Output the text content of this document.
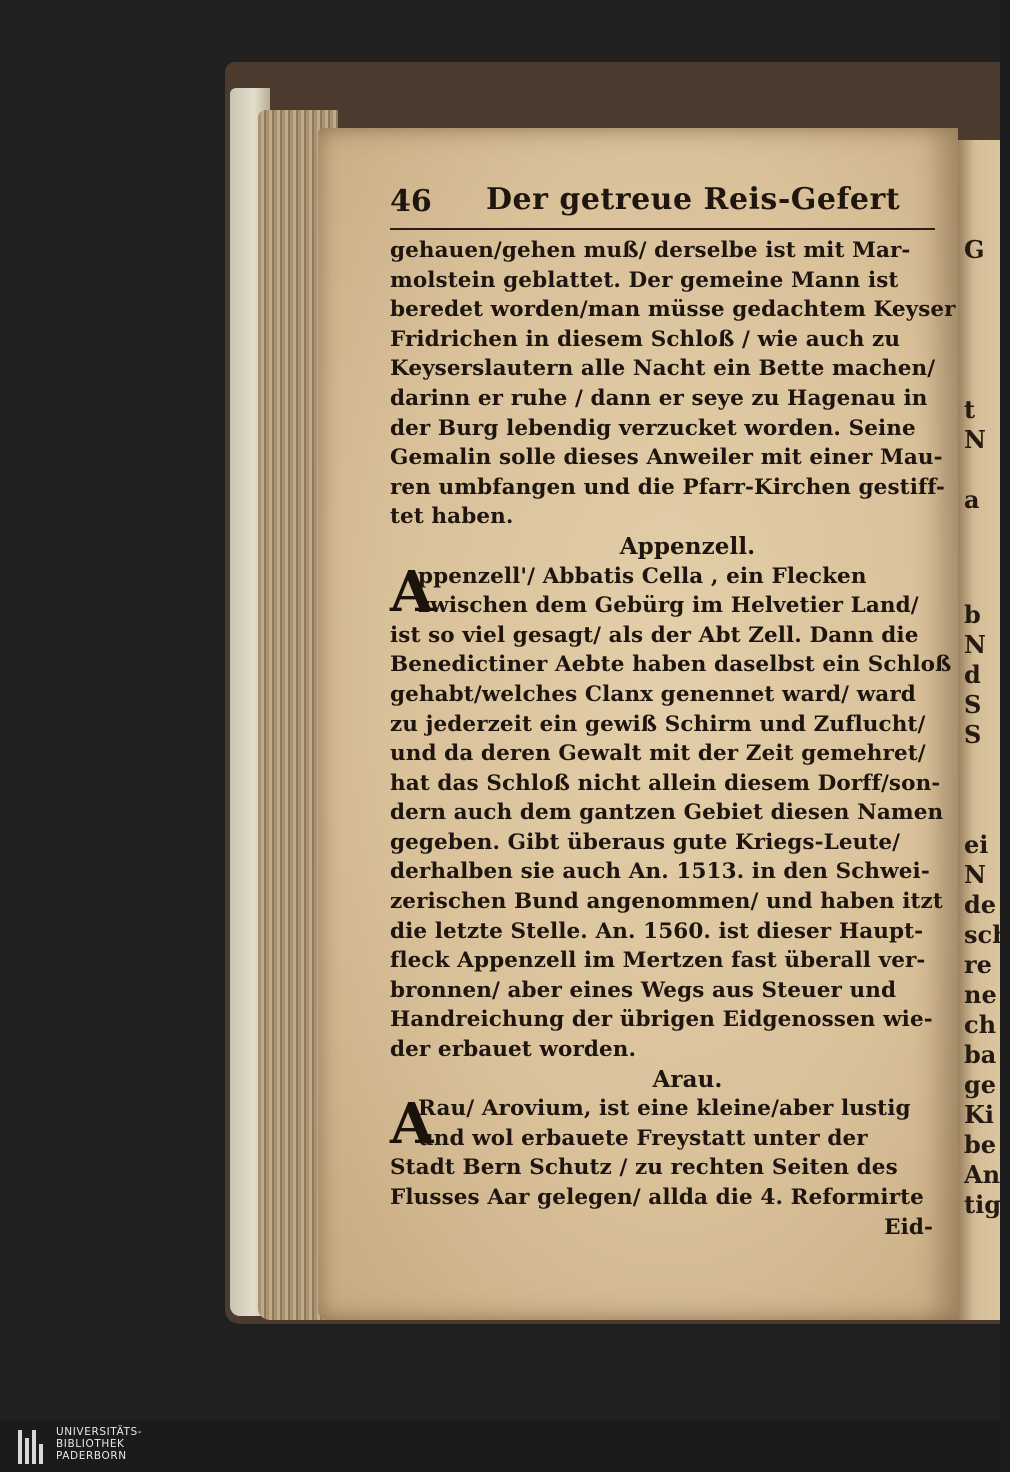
G
t
N
a
b
N
d
S
S
ei
N
de
sch
re
ne
ch
ba
ge
Ki
be
An
tig
46 Der getreue Reis-Gefert
gehauen/gehen muß/ derselbe ist mit Mar-
molstein geblattet. Der gemeine Mann ist
beredet worden/man müsse gedachtem Keyser
Fridrichen in diesem Schloß / wie auch zu
Keyserslautern alle Nacht ein Bette machen/
darinn er ruhe / dann er seye zu Hagenau in
der Burg lebendig verzucket worden. Seine
Gemalin solle dieses Anweiler mit einer Mau-
ren umbfangen und die Pfarr-Kirchen gestiff-
tet haben.
Appenzell.
A
ppenzell'/ Abbatis Cella , ein Flecken
zwischen dem Gebürg im Helvetier Land/
ist so viel gesagt/ als der Abt Zell. Dann die
Benedictiner Aebte haben daselbst ein Schloß
gehabt/welches Clanx genennet ward/ ward
zu jederzeit ein gewiß Schirm und Zuflucht/
und da deren Gewalt mit der Zeit gemehret/
hat das Schloß nicht allein diesem Dorff/son-
dern auch dem gantzen Gebiet diesen Namen
gegeben. Gibt überaus gute Kriegs-Leute/
derhalben sie auch An. 1513. in den Schwei-
zerischen Bund angenommen/ und haben itzt
die letzte Stelle. An. 1560. ist dieser Haupt-
fleck Appenzell im Mertzen fast überall ver-
bronnen/ aber eines Wegs aus Steuer und
Handreichung der übrigen Eidgenossen wie-
der erbauet worden.
Arau.
A
Rau/ Arovium, ist eine kleine/aber lustig
und wol erbauete Freystatt unter der
Stadt Bern Schutz / zu rechten Seiten des
Flusses Aar gelegen/ allda die 4. Reformirte
Eid-
UNIVERSITÄTS-
BIBLIOTHEK
PADERBORN
